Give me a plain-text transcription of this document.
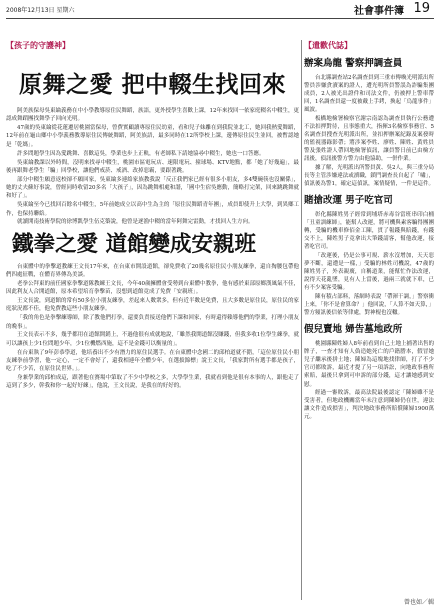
2008年12月13日 星期六	社會事件簿 19
【孩子的守護神】
原舞之愛 把中輟生找回來

阿美族保母吳東綸義務在中小學教導原住民舞蹈，族語，更外授學生喜歡上課，12年來找回一依家庭輟名中輟生，更認成舞蹈團找舞學子回向光明。

47歲的吳東綸從花蓮遷居桃園當保母，曾費實顧讀專原住民幼童，看和兒子妹離在到我院並北工，她回我熱愛舞蹈，12年前在龜山鄉中小學義務教導原住民傳統舞蹈，阿美族語，最多同時在12所學校上課，邊傳原住民生並回，被暫認她是「乾媽」。

許多問題學生因為愛跳舞、喜歡這吳，學業也步上正軌，有老師私下請她協尋中輟生，她也一口答應。

吳東綸教課以外時間，沒明來找尋中輟生，桃園市區電玩店、速限電玩、撞球場、KTV地點，都「她了好幾遍」，最後再跟舞老學生「騙」回學校，讓他們戒菸、戒酒、改掉惡霸，要跟著跳。

部分中輟生願意返校卻不願回家，吳東綸多連絡家族教我說「反正我們家已經有很多小朋友，多4雙碗筷也沒關係」，她的丈夫蘇好事說，曾經同時收留20多名「大孩子」，因為跳舞相處和諧，「國中生宿吳應動，簡略打完架，回來跳跳舞就和好了」。

吳東綸至今已找回百餘名中輟生，5年前她成立以高中生為主的「原住民舞蹈青年團」，成員即使升上大學，到異鄉工作，也保持聯絡。

就讀開南技術學院的徐博凱學生伍克築說，他曾是逐漁中輟的當年阿舞完雷動，才找回人生方向。

鐵拳之愛 道館變成安親班

台東體中的拳擊道教練王文長17年來，在台東市開設道館，卻免費收了20幾名原住民小朋友練拳，還自掏腰包帶他們四處征戰，在體育界傳為美談。

老拳公拜東的前任國家拳擊道隊教練王文長，今年40歲擁體會受勢到台東體中教拳，他有感於東部原鄉漢風氣不佳，因此利友人合開道館，原本希望培育拳擊苗，沒想到道館竟成了免費「安親班」。

王文長說，到道館的常有50多位小朋友練拳，差起來人數衆多，但有近半數是免費，且大多數是原住民，原住民的家庭狀況都不佳，他免費教這些小朋友練拳。

「我的角色是拳擊練導師，除了教他們打拳，還要負責接送他們下課和回家，有時還得賴導他們的學業，打理小朋友的晚事」。

王文長表示不多，幾乎都用在道館開銷上，不過他很有成就地說，「雖然我開道館沒賺錢，但我多收1位學生練拳，就可以讓孩上少1位問題少年，少1位機燃西施，這不是金錢可以衡量的」。

在台東執了9年彭恭學道，他培養出不少有潛力的原住民選手。在台東體中念國二的邱柏道就不錯，「這位原住民小朋友練拳前學習，他一定心，一定不會好了，還我相連年全體少年，在選拔錦標」說王文長，「我家對所有選手都是孩子，吃了不少苦，在原住民世界。」。

身兼學業的邱柏成這，跟著他在賽場中第取了不少中學校之多，大學學生業，我就看到他是很有本事的人，跟他走了這到了多少，幹我和你一起好好練」，他說，王文長說，是我在的好好的。

【遺歡代誌】
辦案烏龍 警察押調查員

台北縣調查站2名調查員到三重市傳喚光明派出所警員涉嫌貪瀆案的證人，遭光明所員警誤為詐騙集團成員，2人被光出證件和司法文件，仍被押上警車帶回，1名調查員還一度被戴上手銬，換起「烏龍事件」風波。

板橋地檢署檢察官謝宗南認為調查員執行公務遭不法扣押對待，且事態重大，指揮3名檢察事務官、5名調查員搜查光明派出所，並扣押辦案紀錄及案發時的監視器錄影帶；將涉案李姓、廖姓、陳姓、黃姓員警及張姓證人帶回地檢署偵訊，讓員警日前已由檢方訊後，偵訊後警方警力由他協助，一併作業。

據了解，光明派出所警員黃、吳2人，與三重分局長等主管涉嫌違法或瀆職，鎖門調查長自起了「嘯」，偵訊後為警1，確定這偵訊，案情疑情，一件是這件。

賭搶改運 男子吃官司

彰化縣陳姓男子經常到埔塔赤毒谷當班串印白桶「丑童訓練師」，能幫人改運，將可機與素客騙得團團轉，受騙的機車修佰金工陳，貫了報錢與賠錢，有錢交不上，陳姓男子竟拿出大筆錢請客，幫他改運，接著吃官司。

「改運後，仍是公事可規、薪水沒增加，天天惡夢不斷，還遭是一樣，」受騙的林姓司機說，47歲的陳姓男子，外表親廣，自稱道業，能幫忙作法改運，說得天花亂墜，見有人上當後，過兩三就就下車，已有不少案客受騙。

陳有積占部料，落網時表說「帶渾干調，」警察衝上來，「你不是會算命？」他回說，「人算不如天算，」警方頻訊後信依等律處，對神棍也沒轍。

假兒賣地 婦告墓地政所

桃園縣陳姓婦人8年前看到自己土地上捕著出售的牌子，一查才知有人偽造她死亡的戶籍謄本，假冒她兒子繼承後拼土地；陳婦為這塊地找律師，打了不少官司都敗訴，最近才提了另一項訴訟，向地政事務所索賠，最後只拿到可申訴的部分錢，這才讓她感到安慰。

經過一審敗訴，最高法院最後認定「陳婦雖不是受害者，但地政機關當年未注意到陳婦仍在世，違法讓文件造成損害」，判決地政事務所賠償陳婦1900萬元。

曾也如／輯
